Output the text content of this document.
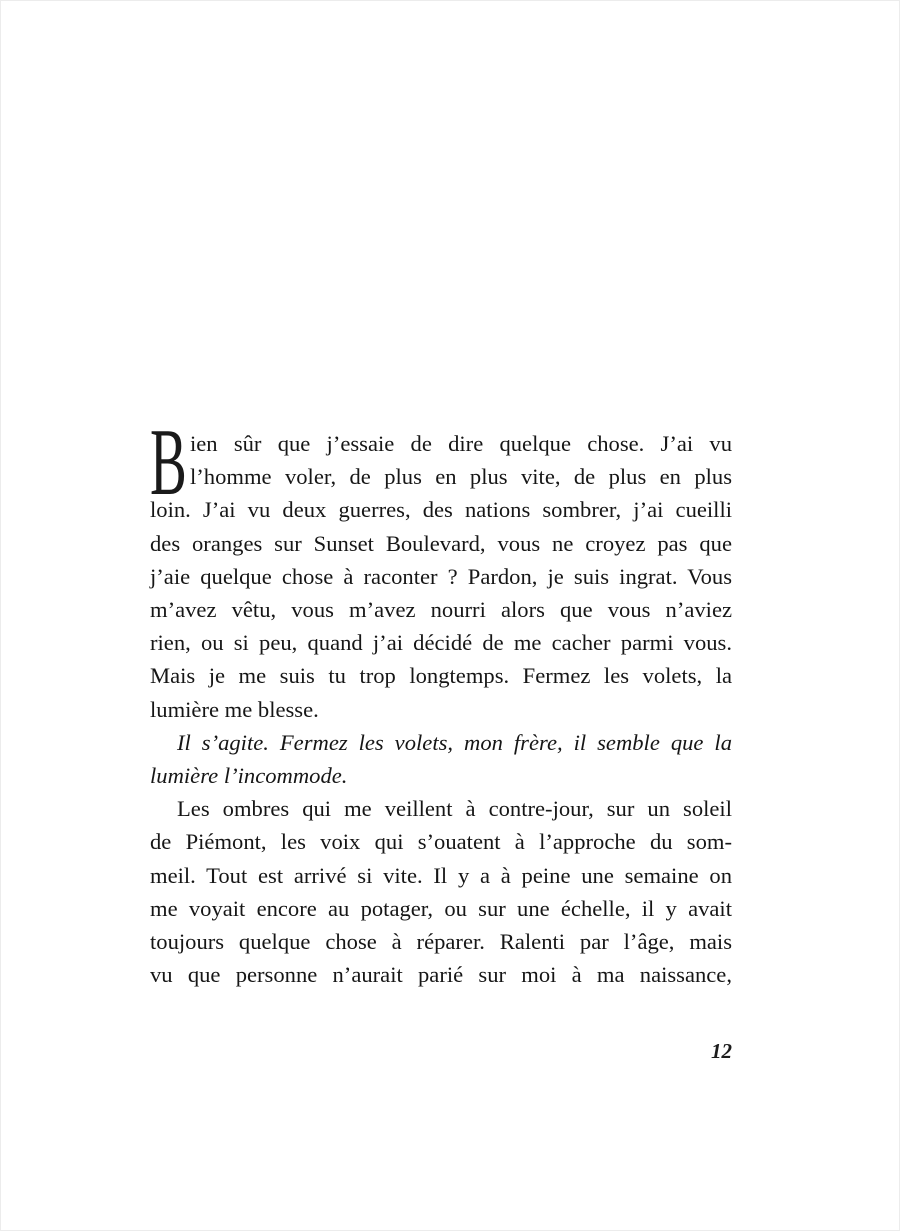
B ien sûr que j’essaie de dire quelque chose. J’ai vu
l’homme voler, de plus en plus vite, de plus en plus
loin. J’ai vu deux guerres, des nations sombrer, j’ai cueilli
des oranges sur Sunset Boulevard, vous ne croyez pas que
j’aie quelque chose à raconter ? Pardon, je suis ingrat. Vous
m’avez vêtu, vous m’avez nourri alors que vous n’aviez
rien, ou si peu, quand j’ai décidé de me cacher parmi vous.
Mais je me suis tu trop longtemps. Fermez les volets, la
lumière me blesse.
Il s’agite. Fermez les volets, mon frère, il semble que la
lumière l’incommode.
Les ombres qui me veillent à contre-jour, sur un soleil
de Piémont, les voix qui s’ouatent à l’approche du som-
meil. Tout est arrivé si vite. Il y a à peine une semaine on
me voyait encore au potager, ou sur une échelle, il y avait
toujours quelque chose à réparer. Ralenti par l’âge, mais
vu que personne n’aurait parié sur moi à ma naissance,
12
